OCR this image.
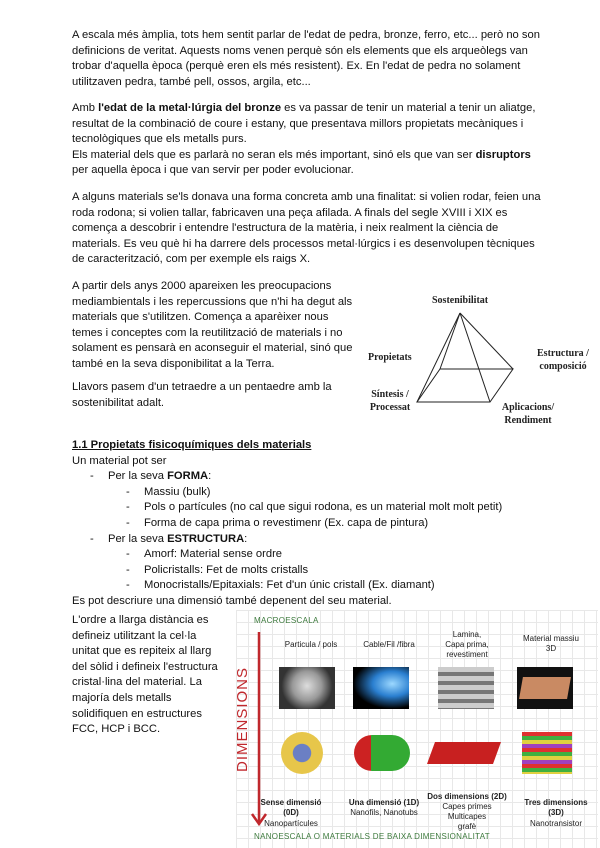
A escala més àmplia, tots hem sentit parlar de l'edat de pedra, bronze, ferro, etc... però no son definicions de veritat. Aquests noms venen perquè són els elements que els arqueòlegs van trobar d'aquella època (perquè eren els més resistent). Ex. En l'edat de pedra no solament utilitzaven pedra, també pell, ossos, argila, etc...

Amb l'edat de la metal·lúrgia del bronze es va passar de tenir un material a tenir un aliatge, resultat de la combinació de coure i estany, que presentava millors propietats mecàniques i tecnològiques que els metalls purs.

Els material dels que es parlarà no seran els més important, sinó els que van ser disruptors per aquella època i que van servir per poder evolucionar.

A alguns materials se'ls donava una forma concreta amb una finalitat: si volien rodar, feien una roda rodona; si volien tallar, fabricaven una peça afilada. A finals del segle XVIII i XIX es comença a descobrir i entendre l'estructura de la matèria, i neix realment la ciència de materials. Es veu què hi ha darrere dels processos metal·lúrgics i es desenvolupen tècniques de caracterització, com per exemple els raigs X.

A partir dels anys 2000 apareixen les preocupacions mediambientals i les repercussions que n'hi ha degut als materials que s'utilitzen. Comença a aparèixer nous temes i conceptes com la reutilització de materials i no solament es pensarà en aconseguir el material, sinó que també en la seva disponibilitat a la Terra.

Llavors pasem d'un tetraedre a un pentaedre amb la sostenibilitat adalt.

Sostenibilitat
Propietats	Estructura / composició
Síntesis / Processat	Aplicacions/ Rendiment

1.1 Propietats fisicoquímiques dels materials

Un material pot ser

- Per la seva FORMA:

- Massiu (bulk)

- Pols o partícules (no cal que sigui rodona, es un material molt molt petit)

- Forma de capa prima o revestimenr (Ex. capa de pintura)

- Per la seva ESTRUCTURA:

- Amorf: Material sense ordre

- Policristalls: Fet de molts cristalls

- Monocristalls/Epitaxials: Fet d'un únic cristall (Ex. diamant)

Es pot descriure una dimensió també depenent del seu material.

L'ordre a llarga distància es defineiz utilitzant la cel·la unitat que es repiteix al llarg del sòlid i defineix l'estructura cristal·lina del material. La majoría dels metalls solidifiquen en estructures FCC, HCP i BCC.

MACROESCALA
NANOESCALA O MATERIALS DE BAIXA DIMENSIONALITAT
DIMENSIONS
Particula / pols	Cable/Fil /fibra
Lamina,
Capa prima,
revestiment
Material massiu
3D
Sense dimensió
(0D)
Nanopartícules
Una dimensió (1D)
Nanofils, Nanotubs
Dos dimensions (2D)
Capes primes
Multicapes
grafè
Tres dimensions
(3D)
Nanotransistor
